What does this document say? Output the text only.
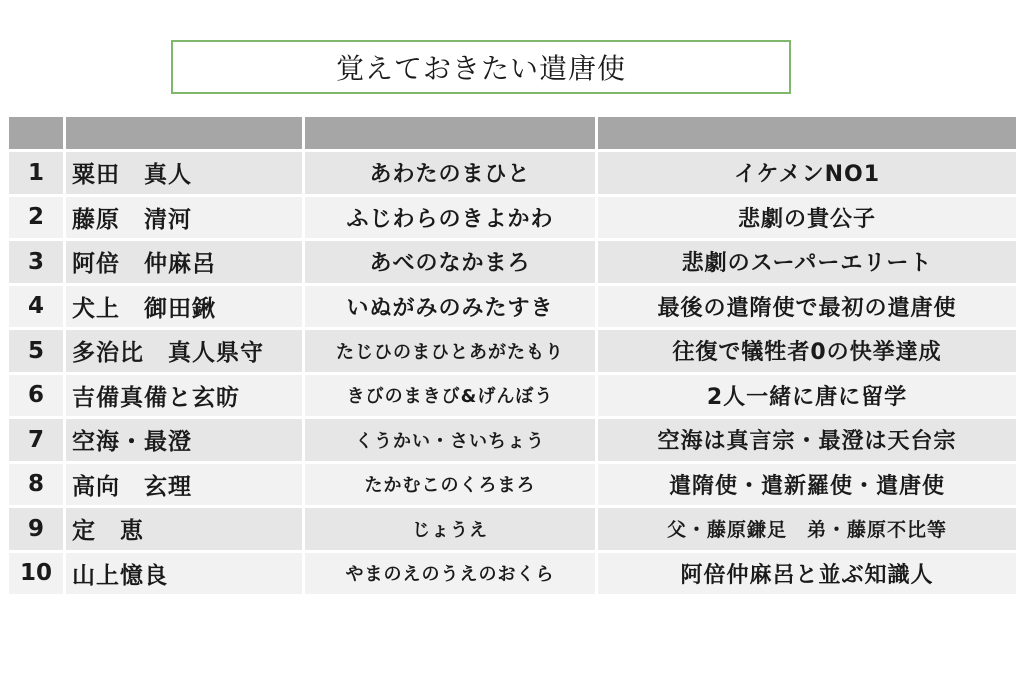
覚えておきたい遣唐使

1	粟田　真人	あわたのまひと	イケメンNO1
2	藤原　清河	ふじわらのきよかわ	悲劇の貴公子
3	阿倍　仲麻呂	あべのなかまろ	悲劇のスーパーエリート
4	犬上　御田鍬	いぬがみのみたすき	最後の遣隋使で最初の遣唐使
5	多治比　真人県守	たじひのまひとあがたもり	往復で犠牲者0の快挙達成
6	吉備真備と玄昉	きびのまきび&げんぼう	2人一緒に唐に留学
7	空海・最澄	くうかい・さいちょう	空海は真言宗・最澄は天台宗
8	高向　玄理	たかむこのくろまろ	遣隋使・遣新羅使・遣唐使
9	定　恵	じょうえ	父・藤原鎌足　弟・藤原不比等
10	山上憶良	やまのえのうえのおくら	阿倍仲麻呂と並ぶ知識人
